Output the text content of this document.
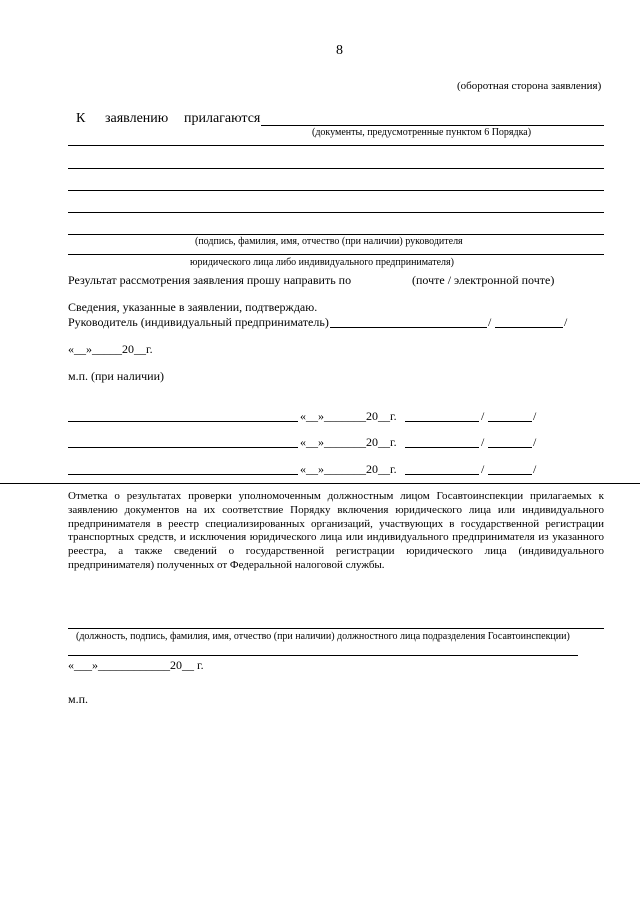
8
(оборотная сторона заявления)
К заявлению прилагаются
(документы, предусмотренные пунктом 6 Порядка)
(подпись, фамилия, имя, отчество (при наличии) руководителя
юридического лица либо индивидуального предпринимателя)
Результат рассмотрения заявления прошу направить по	(почте / электронной почте)
Сведения, указанные в заявлении, подтверждаю.
Руководитель (индивидуальный предприниматель)	/	/
«__»_____20__г.
м.п. (при наличии)
«__»_______20__г.	/	/
«__»_______20__г.	/	/
«__»_______20__г.	/	/
Отметка о результатах проверки уполномоченным должностным лицом Госавтоинспекции прилагаемых к заявлению документов на их соответствие Порядку включения юридического лица или индивидуального предпринимателя в реестр специализированных организаций, участвующих в государственной регистрации транспортных средств, и исключения юридического лица или индивидуального предпринимателя из указанного реестра, а также сведений о государственной регистрации юридического лица (индивидуального предпринимателя) полученных от Федеральной налоговой службы.
(должность, подпись, фамилия, имя, отчество (при наличии) должностного лица подразделения Госавтоинспекции)
«___»____________20__ г.
м.п.
